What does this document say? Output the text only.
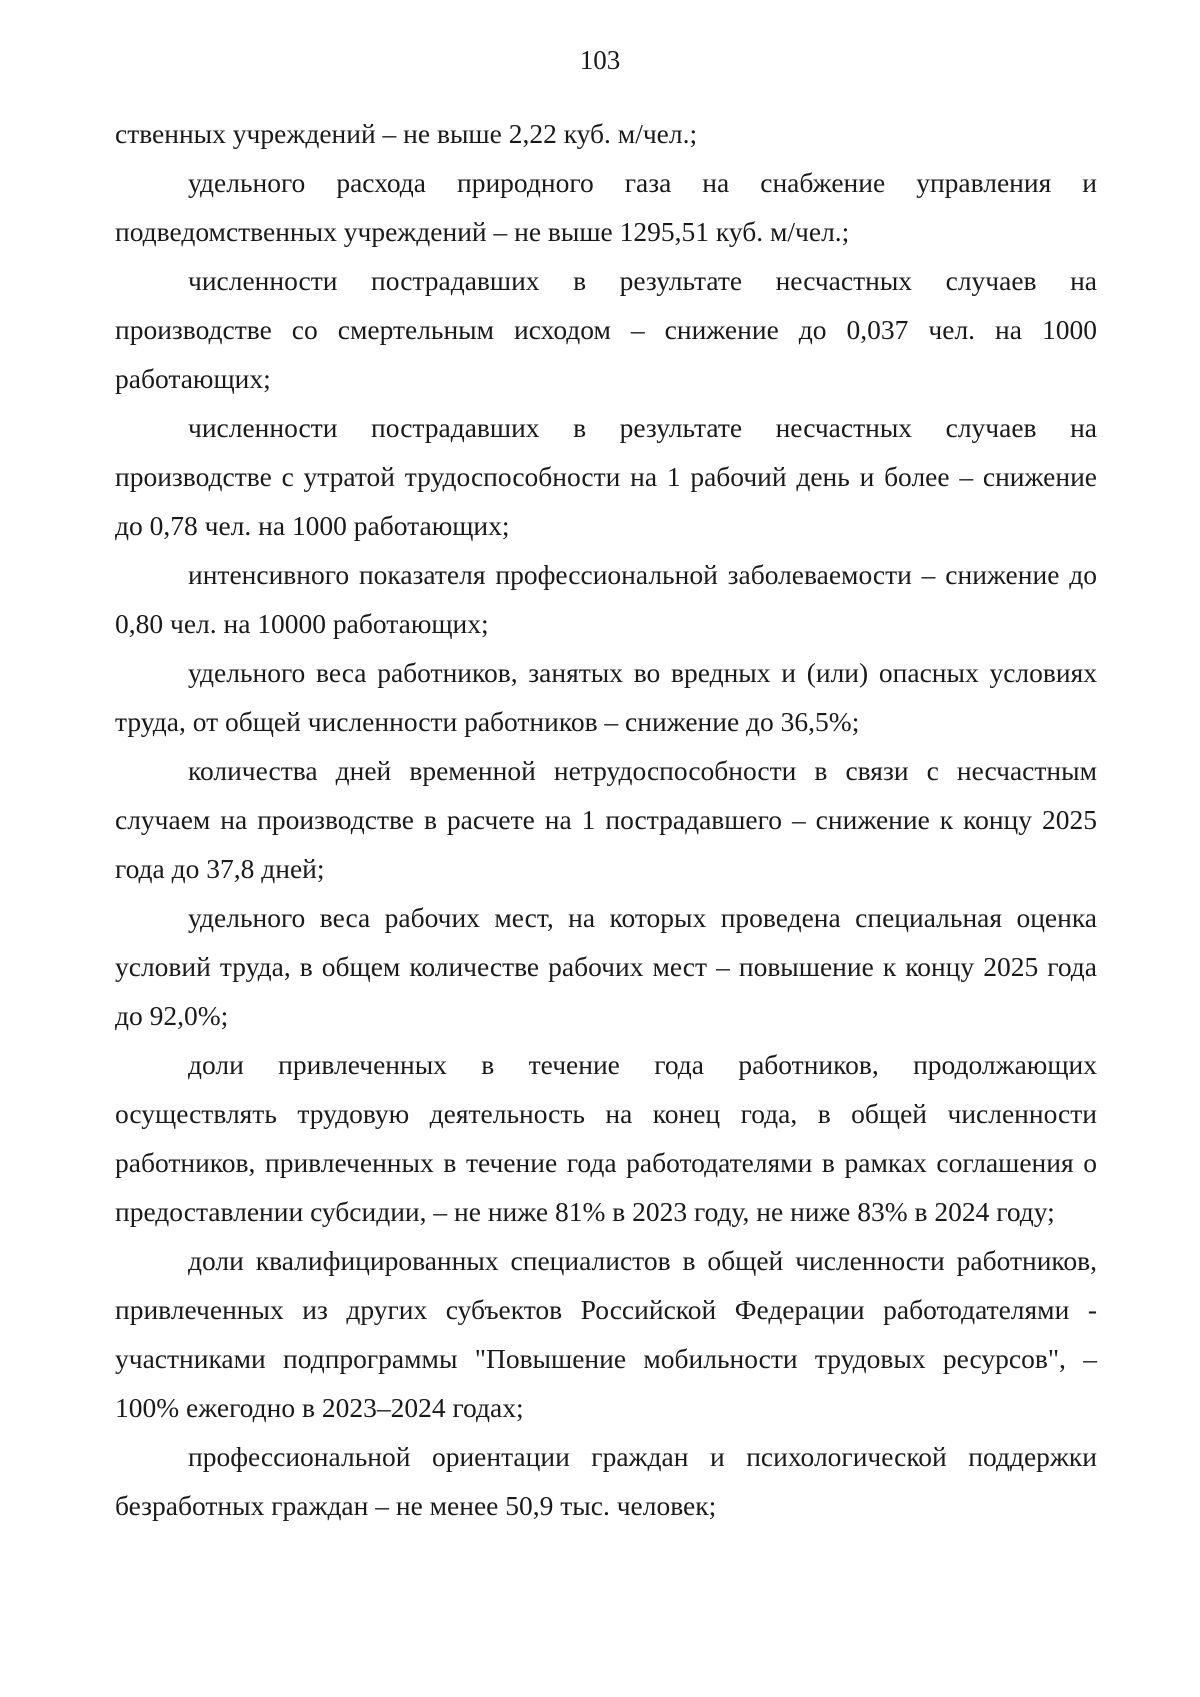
103

ственных учреждений – не выше 2,22 куб. м/чел.;

удельного расхода природного газа на снабжение управления и подведомственных учреждений – не выше 1295,51 куб. м/чел.;

численности пострадавших в результате несчастных случаев на производстве со смертельным исходом – снижение до 0,037 чел. на 1000 работающих;

численности пострадавших в результате несчастных случаев на производстве с утратой трудоспособности на 1 рабочий день и более – снижение до 0,78 чел. на 1000 работающих;

интенсивного показателя профессиональной заболеваемости – снижение до 0,80 чел. на 10000 работающих;

удельного веса работников, занятых во вредных и (или) опасных условиях труда, от общей численности работников – снижение до 36,5%;

количества дней временной нетрудоспособности в связи с несчастным случаем на производстве в расчете на 1 пострадавшего – снижение к концу 2025 года до 37,8 дней;

удельного веса рабочих мест, на которых проведена специальная оценка условий труда, в общем количестве рабочих мест – повышение к концу 2025 года до 92,0%;

доли привлеченных в течение года работников, продолжающих осуществлять трудовую деятельность на конец года, в общей численности работников, привлеченных в течение года работодателями в рамках соглашения о предоставлении субсидии, – не ниже 81% в 2023 году, не ниже 83% в 2024 году;

доли квалифицированных специалистов в общей численности работников, привлеченных из других субъектов Российской Федерации работодателями - участниками подпрограммы "Повышение мобильности трудовых ресурсов", – 100% ежегодно в 2023–2024 годах;

профессиональной ориентации граждан и психологической поддержки безработных граждан – не менее 50,9 тыс. человек;
